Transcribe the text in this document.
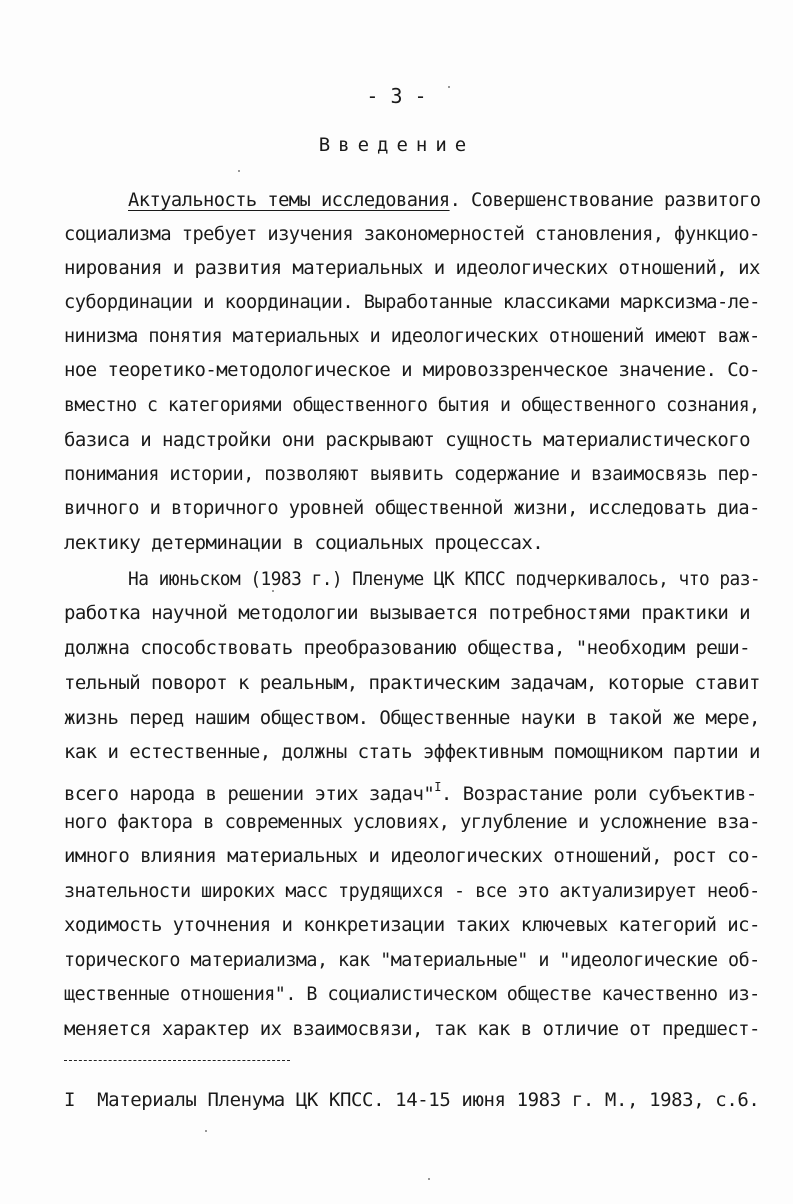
- 3 -
Введение
Актуальность темы исследования. Совершенствование развитого
социализма требует изучения закономерностей становления, функцио-
нирования и развития материальных и идеологических отношений, их
субординации и координации. Выработанные классиками марксизма-ле-
нинизма понятия материальных и идеологических отношений имеют важ-
ное теоретико-методологическое и мировоззренческое значение. Со-
вместно с категориями общественного бытия и общественного сознания,
базиса и надстройки они раскрывают сущность материалистического
понимания истории, позволяют выявить содержание и взаимосвязь пер-
вичного и вторичного уровней общественной жизни, исследовать диа-
лектику детерминации в социальных процессах.
На июньском (1983 г.) Пленуме ЦК КПСС подчеркивалось, что раз-
работка научной методологии вызывается потребностями практики и
должна способствовать преобразованию общества, "необходим реши-
тельный поворот к реальным, практическим задачам, которые ставит
жизнь перед нашим обществом. Общественные науки в такой же мере,
как и естественные, должны стать эффективным помощником партии и
всего народа в решении этих задач"$^I$. Возрастание роли субъектив-
ного фактора в современных условиях, углубление и усложнение вза-
имного влияния материальных и идеологических отношений, рост со-
знательности широких масс трудящихся - все это актуализирует необ-
ходимость уточнения и конкретизации таких ключевых категорий ис-
торического материализма, как "материальные" и "идеологические об-
щественные отношения". В социалистическом обществе качественно из-
меняется характер их взаимосвязи, так как в отличие от предшест-
I  Материалы Пленума ЦК КПСС. 14-15 июня 1983 г. М., 1983, с.6.
